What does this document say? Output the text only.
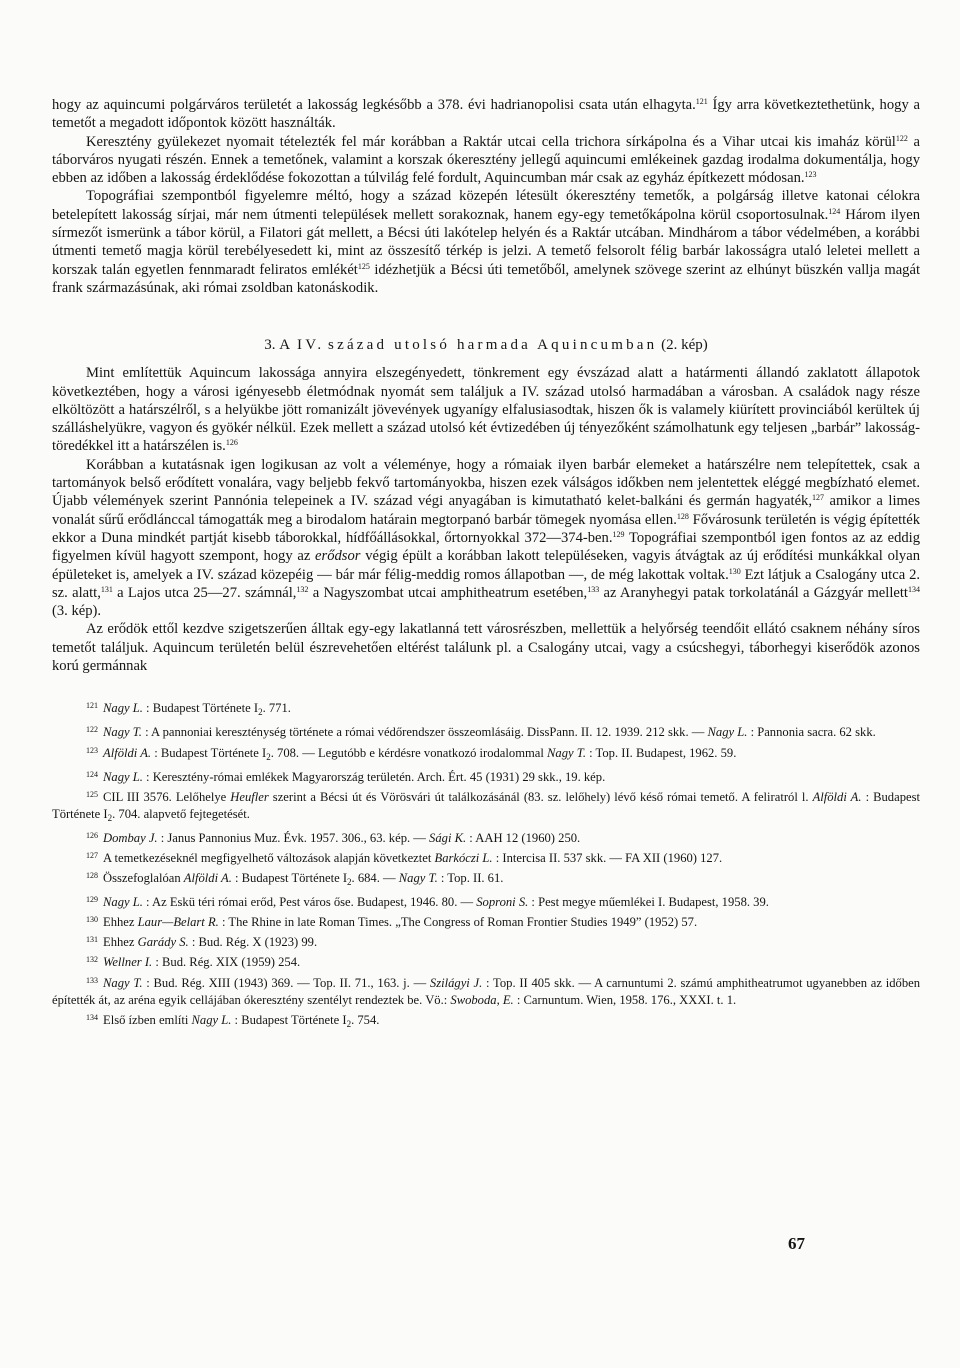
hogy az aquincumi polgárváros területét a lakosság legkésőbb a 378. évi hadrianopolisi csata után elhagyta.$^{121}$ Így arra következtethetünk, hogy a temetőt a megadott időpontok között használták.

Keresztény gyülekezet nyomait tételezték fel már korábban a Raktár utcai cella trichora sírkápolna és a Vihar utcai kis imaház körül$^{122}$ a táborváros nyugati részén. Ennek a temetőnek, valamint a korszak ókeresztény jellegű aquincumi emlékeinek gazdag irodalma dokumentálja, hogy ebben az időben a lakosság érdeklődése fokozottan a túlvilág felé fordult, Aquincumban már csak az egyház építkezett módosan.$^{123}$

Topográfiai szempontból figyelemre méltó, hogy a század közepén létesült ókeresztény temetők, a polgárság illetve katonai célokra betelepített lakosság sírjai, már nem útmenti települések mellett sorakoznak, hanem egy-egy temetőkápolna körül csoportosulnak.$^{124}$ Három ilyen sírmezőt ismerünk a tábor körül, a Filatori gát mellett, a Bécsi úti lakótelep helyén és a Raktár utcában. Mindhárom a tábor védelmében, a korábbi útmenti temető magja körül terebélyesedett ki, mint az összesítő térkép is jelzi. A temető felsorolt félig barbár lakosságra utaló leletei mellett a korszak talán egyetlen fennmaradt feliratos emlékét$^{125}$ idézhetjük a Bécsi úti temetőből, amelynek szövege szerint az elhúnyt büszkén vallja magát frank származásúnak, aki római zsoldban katonáskodik.

3. A IV. század utolsó harmada Aquincumban (2. kép)

Mint említettük Aquincum lakossága annyira elszegényedett, tönkrement egy évszázad alatt a határmenti állandó zaklatott állapotok következtében, hogy a városi igényesebb életmódnak nyomát sem találjuk a IV. század utolsó harmadában a városban. A családok nagy része elköltözött a határszélről, s a helyükbe jött romanizált jövevények ugyanígy elfalusiasodtak, hiszen ők is valamely kiürített provinciából kerültek új szálláshelyükre, vagyon és gyökér nélkül. Ezek mellett a század utolsó két évtizedében új tényezőként számolhatunk egy teljesen „barbár” lakosság-töredékkel itt a határszélen is.$^{126}$

Korábban a kutatásnak igen logikusan az volt a véleménye, hogy a rómaiak ilyen barbár elemeket a határszélre nem telepítettek, csak a tartományok belső erődített vonalára, vagy beljebb fekvő tartományokba, hiszen ezek válságos időkben nem jelentettek eléggé megbízható elemet. Újabb vélemények szerint Pannónia telepeinek a IV. század végi anyagában is kimutatható kelet-balkáni és germán hagyaték,$^{127}$ amikor a limes vonalát sűrű erődlánccal támogatták meg a birodalom határain megtorpanó barbár tömegek nyomása ellen.$^{128}$ Fővárosunk területén is végig építették ekkor a Duna mindkét partját kisebb táborokkal, hídfőállásokkal, őrtornyokkal 372—374-ben.$^{129}$ Topográfiai szempontból igen fontos az az eddig figyelmen kívül hagyott szempont, hogy az erődsor végig épült a korábban lakott településeken, vagyis átvágtak az új erődítési munkákkal olyan épületeket is, amelyek a IV. század közepéig — bár már félig-meddig romos állapotban —, de még lakottak voltak.$^{130}$ Ezt látjuk a Csalogány utca 2. sz. alatt,$^{131}$ a Lajos utca 25—27. számnál,$^{132}$ a Nagyszombat utcai amphitheatrum esetében,$^{133}$ az Aranyhegyi patak torkolatánál a Gázgyár mellett$^{134}$ (3. kép).

Az erődök ettől kezdve szigetszerűen álltak egy-egy lakatlanná tett városrészben, mellettük a helyőrség teendőit ellátó csaknem néhány síros temetőt találjuk. Aquincum területén belül észrevehetően eltérést találunk pl. a Csalogány utcai, vagy a csúcshegyi, táborhegyi kiserődök azonos korú germánnak

$^{121}$ Nagy L. : Budapest Története $I_2$. 771.

$^{122}$ Nagy T. : A pannoniai kereszténység története a római védőrendszer összeomlásáig. DissPann. II. 12. 1939. 212 skk. — Nagy L. : Pannonia sacra. 62 skk.

$^{123}$ Alföldi A. : Budapest Története $I_2$. 708. — Legutóbb e kérdésre vonatkozó irodalommal Nagy T. : Top. II. Budapest, 1962. 59.

$^{124}$ Nagy L. : Keresztény-római emlékek Magyarország területén. Arch. Ért. 45 (1931) 29 skk., 19. kép.

$^{125}$ CIL III 3576. Lelőhelye Heufler szerint a Bécsi út és Vörösvári út találkozásánál (83. sz. lelőhely) lévő késő római temető. A feliratról l. Alföldi A. : Budapest Története $I_2$. 704. alapvető fejtegetését.

$^{126}$ Dombay J. : Janus Pannonius Muz. Évk. 1957. 306., 63. kép. — Sági K. : AAH 12 (1960) 250.

$^{127}$ A temetkezéseknél megfigyelhető változások alapján következtet Barkóczi L. : Intercisa II. 537 skk. — FA XII (1960) 127.

$^{128}$ Összefoglalóan Alföldi A. : Budapest Története $I_2$. 684. — Nagy T. : Top. II. 61.

$^{129}$ Nagy L. : Az Eskü téri római erőd, Pest város őse. Budapest, 1946. 80. — Soproni S. : Pest megye műemlékei I. Budapest, 1958. 39.

$^{130}$ Ehhez Laur—Belart R. : The Rhine in late Roman Times. „The Congress of Roman Frontier Studies 1949” (1952) 57.

$^{131}$ Ehhez Garády S. : Bud. Rég. X (1923) 99.

$^{132}$ Wellner I. : Bud. Rég. XIX (1959) 254.

$^{133}$ Nagy T. : Bud. Rég. XIII (1943) 369. — Top. II. 71., 163. j. — Szilágyi J. : Top. II 405 skk. — A carnuntumi 2. számú amphitheatrumot ugyanebben az időben építették át, az aréna egyik cellájában ókeresztény szentélyt rendeztek be. Vö.: Swoboda, E. : Carnuntum. Wien, 1958. 176., XXXI. t. 1.

$^{134}$ Első ízben említi Nagy L. : Budapest Története $I_2$. 754.

67
